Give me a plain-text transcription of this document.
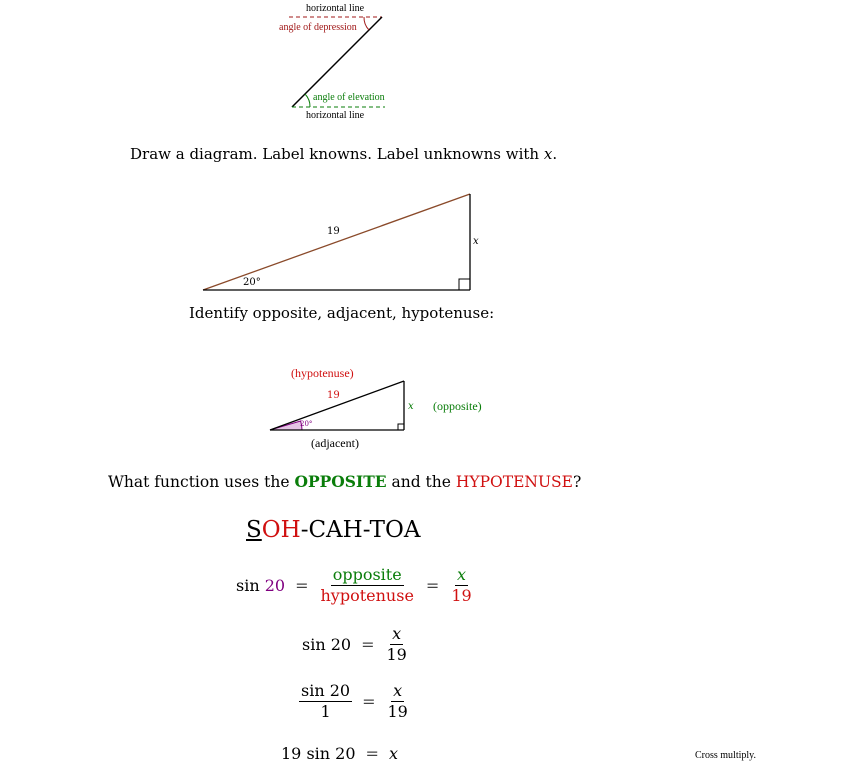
horizontal line
angle of depression
angle of elevation
horizontal line
Draw a diagram. Label knowns. Label unknowns with x.
19
x
20°
Identify opposite, adjacent, hypotenuse:
(hypotenuse)
19
x (opposite)
20°
(adjacent)
What function uses the OPPOSITE and the HYPOTENUSE?
SOH-CAH-TOA
$\sin 20 = \frac{\text{opposite}}{\text{hypotenuse}} = \frac{x}{19}$
$\sin 20 = \frac{x}{19}$
$\frac{\sin 20}{1} = \frac{x}{19}$
19 sin 20 = x	Cross multiply.
